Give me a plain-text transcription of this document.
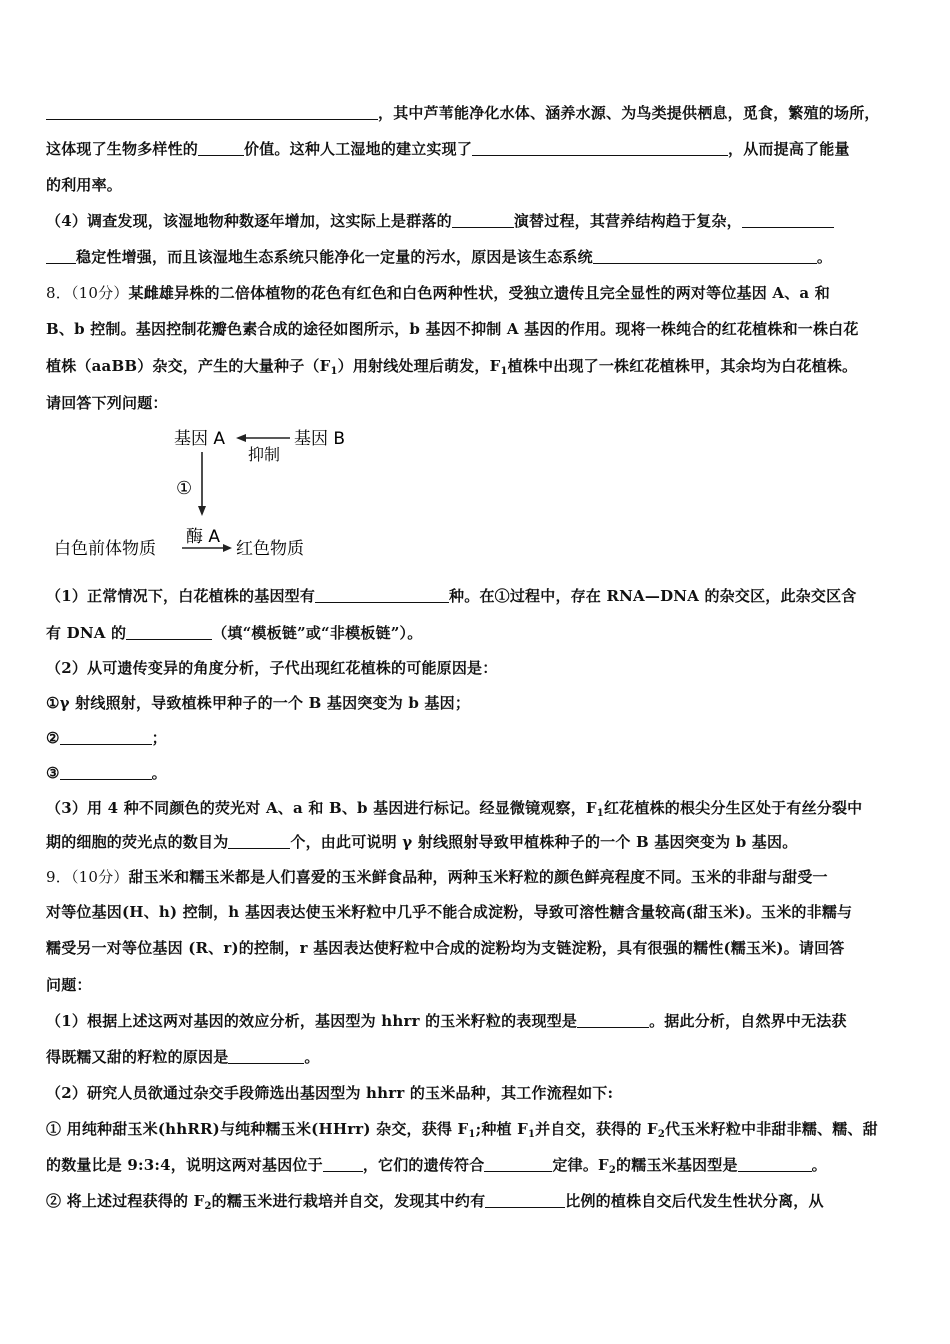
，其中芦苇能净化水体、涵养水源、为鸟类提供栖息，觅食，繁殖的场所，
这体现了生物多样性的	价值。这种人工湿地的建立实现了	，从而提高了能量
的利用率。
（4）调查发现，该湿地物种数逐年增加，这实际上是群落的	演替过程，其营养结构趋于复杂，
稳定性增强，而且该湿地生态系统只能净化一定量的污水，原因是该生态系统	。
8．（10分）某雌雄异株的二倍体植物的花色有红色和白色两种性状，受独立遗传且完全显性的两对等位基因 A、a 和
B、b 控制。基因控制花瓣色素合成的途径如图所示，b 基因不抑制 A 基因的作用。现将一株纯合的红花植株和一株白花
植株（aaBB）杂交，产生的大量种子$(F_1)$用射线处理后萌发，$F_1$植株中出现了一株红花植株甲，其余均为白花植株。
请回答下列问题：
基因 A	基因 B
抑制
①
酶 A
白色前体物质	红色物质
（1）正常情况下，白花植株的基因型有	种。在①过程中，存在 RNA—DNA 的杂交区，此杂交区含
有 DNA 的	（填“模板链”或“非模板链”）。
（2）从可遗传变异的角度分析，子代出现红花植株的可能原因是：
①γ 射线照射，导致植株甲种子的一个 B 基因突变为 b 基因；
②	；
③	。
（3）用 4 种不同颜色的荧光对 A、a 和 B、b 基因进行标记。经显微镜观察，$F_1$红花植株的根尖分生区处于有丝分裂中
期的细胞的荧光点的数目为	个，由此可说明 γ 射线照射导致甲植株种子的一个 B 基因突变为 b 基因。
9．（10分）甜玉米和糯玉米都是人们喜爱的玉米鲜食品种，两种玉米籽粒的颜色鲜亮程度不同。玉米的非甜与甜受一
对等位基因(H、h) 控制，h 基因表达使玉米籽粒中几乎不能合成淀粉，导致可溶性糖含量较高(甜玉米)。玉米的非糯与
糯受另一对等位基因 (R、r)的控制，r 基因表达使籽粒中合成的淀粉均为支链淀粉，具有很强的糯性(糯玉米)。请回答
问题：
（1）根据上述这两对基因的效应分析，基因型为 hhrr 的玉米籽粒的表现型是	。据此分析，自然界中无法获
得既糯又甜的籽粒的原因是	。
（2）研究人员欲通过杂交手段筛选出基因型为 hhrr 的玉米品种，其工作流程如下:
① 用纯种甜玉米(hhRR)与纯种糯玉米(HHrr) 杂交，获得 $F_1$;种植 $F_1$并自交，获得的 $F_2$代玉米籽粒中非甜非糯、糯、甜
的数量比是 9:3:4，说明这两对基因位于	，它们的遗传符合	定律。$F_2$的糯玉米基因型是	。
② 将上述过程获得的 $F_2$的糯玉米进行栽培并自交，发现其中约有	比例的植株自交后代发生性状分离，从
